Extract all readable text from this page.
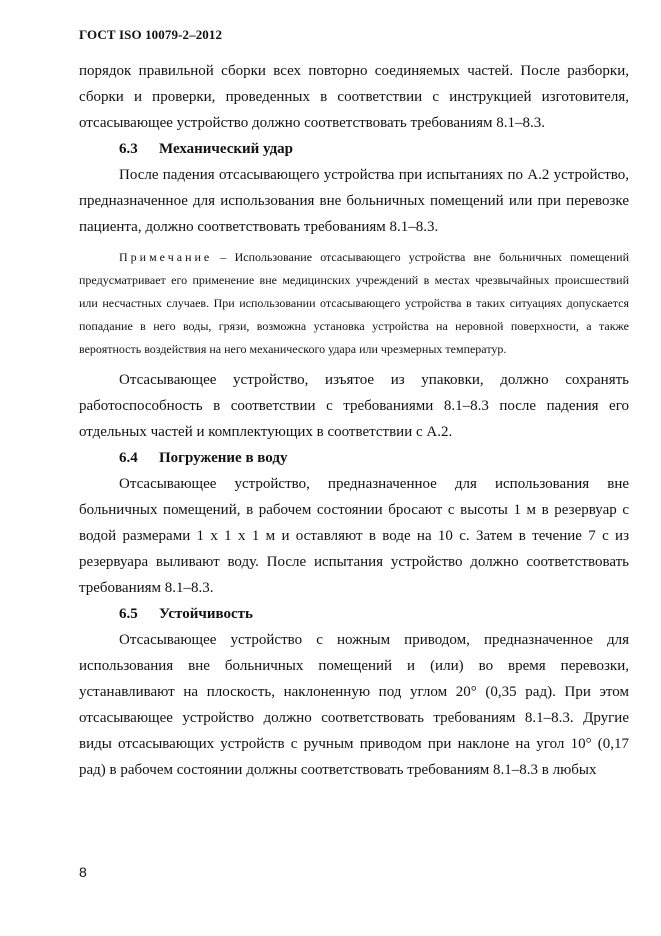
ГОСТ ISO 10079-2–2012

порядок правильной сборки всех повторно соединяемых частей. После разборки, сборки и проверки, проведенных в соответствии с инструкцией изготовителя, отсасывающее устройство должно соответствовать требованиям 8.1–8.3.

6.3 Механический удар

После падения отсасывающего устройства при испытаниях по А.2 устройство, предназначенное для использования вне больничных помещений или при перевозке пациента, должно соответствовать требованиям 8.1–8.3.

Примечание – Использование отсасывающего устройства вне больничных помещений предусматривает его применение вне медицинских учреждений в местах чрезвычайных происшествий или несчастных случаев. При использовании отсасывающего устройства в таких ситуациях допускается попадание в него воды, грязи, возможна установка устройства на неровной поверхности, а также вероятность воздействия на него механического удара или чрезмерных температур.

Отсасывающее устройство, изъятое из упаковки, должно сохранять работоспособность в соответствии с требованиями 8.1–8.3 после падения его отдельных частей и комплектующих в соответствии с А.2.

6.4 Погружение в воду

Отсасывающее устройство, предназначенное для использования вне больничных помещений, в рабочем состоянии бросают с высоты 1 м в резервуар с водой размерами 1 х 1 х 1 м и оставляют в воде на 10 с. Затем в течение 7 с из резервуара выливают воду. После испытания устройство должно соответствовать требованиям 8.1–8.3.

6.5 Устойчивость

Отсасывающее устройство с ножным приводом, предназначенное для использования вне больничных помещений и (или) во время перевозки, устанавливают на плоскость, наклоненную под углом 20° (0,35 рад). При этом отсасывающее устройство должно соответствовать требованиям 8.1–8.3. Другие виды отсасывающих устройств с ручным приводом при наклоне на угол 10° (0,17 рад) в рабочем состоянии должны соответствовать требованиям 8.1–8.3 в любых

8
